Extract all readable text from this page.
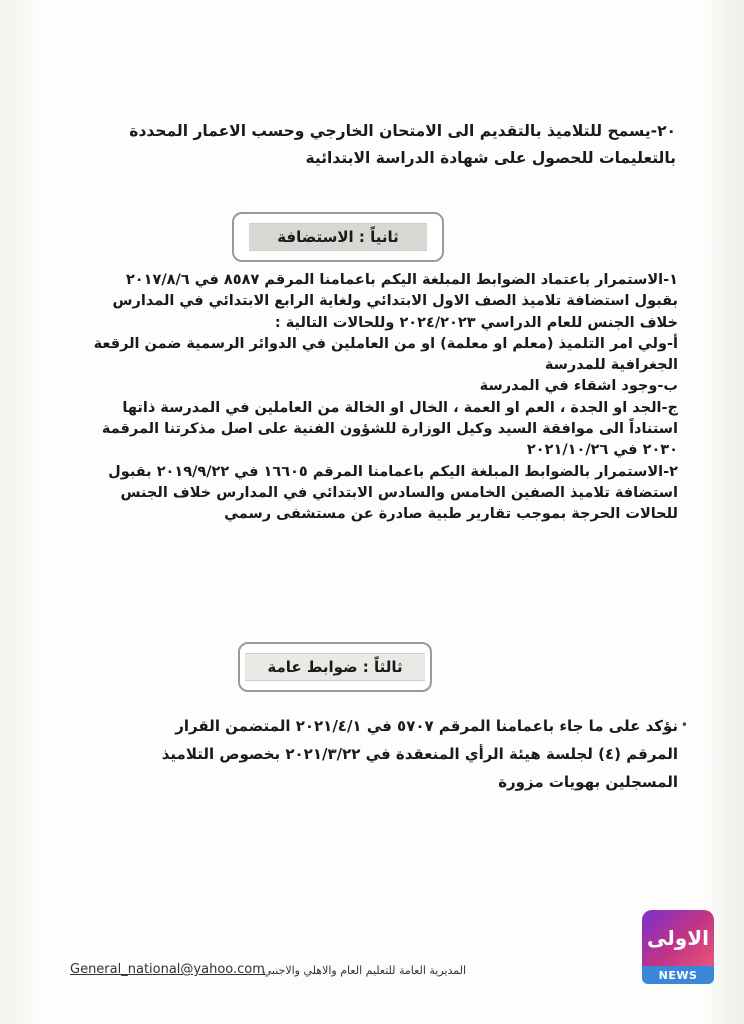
٢٠-يسمح للتلاميذ بالتقديم الى الامتحان الخارجي وحسب الاعمار المحددة
بالتعليمات للحصول على شهادة الدراسة الابتدائية
ثانياً : الاستضافة
١-الاستمرار باعتماد الضوابط المبلغة اليكم باعمامنا المرقم ٨٥٨٧ في ٢٠١٧/٨/٦
بقبول استضافة تلاميذ الصف الاول الابتدائي ولغاية الرابع الابتدائي في المدارس
خلاف الجنس للعام الدراسي ٢٠٢٤/٢٠٢٣ وللحالات التالية :
أ-ولي امر التلميذ (معلم او معلمة) او من العاملين في الدوائر الرسمية ضمن الرقعة
الجغرافية للمدرسة
ب-وجود اشقاء في المدرسة
ج-الجد او الجدة ، العم او العمة ، الخال او الخالة من العاملين في المدرسة ذاتها
استناداً الى موافقة السيد وكيل الوزارة للشؤون الفنية على اصل مذكرتنا المرقمة
٢٠٣٠ في ٢٠٢١/١٠/٢٦
٢-الاستمرار بالضوابط المبلغة اليكم باعمامنا المرقم ١٦٦٠٥ في ٢٠١٩/٩/٢٢ بقبول
استضافة تلاميذ الصفين الخامس والسادس الابتدائي في المدارس خلاف الجنس
للحالات الحرجة بموجب تقارير طبية صادرة عن مستشفى رسمي
ثالثاً : ضوابط عامة
•
نؤكد على ما جاء باعمامنا المرقم ٥٧٠٧ في ٢٠٢١/٤/١ المتضمن القرار
المرقم (٤) لجلسة هيئة الرأي المنعقدة في ٢٠٢١/٣/٢٢ بخصوص التلاميذ
المسجلين بهويات مزورة
المديرية العامة للتعليم العام والاهلي والاجنبي
General_national@yahoo.com
الاولى
NEWS
